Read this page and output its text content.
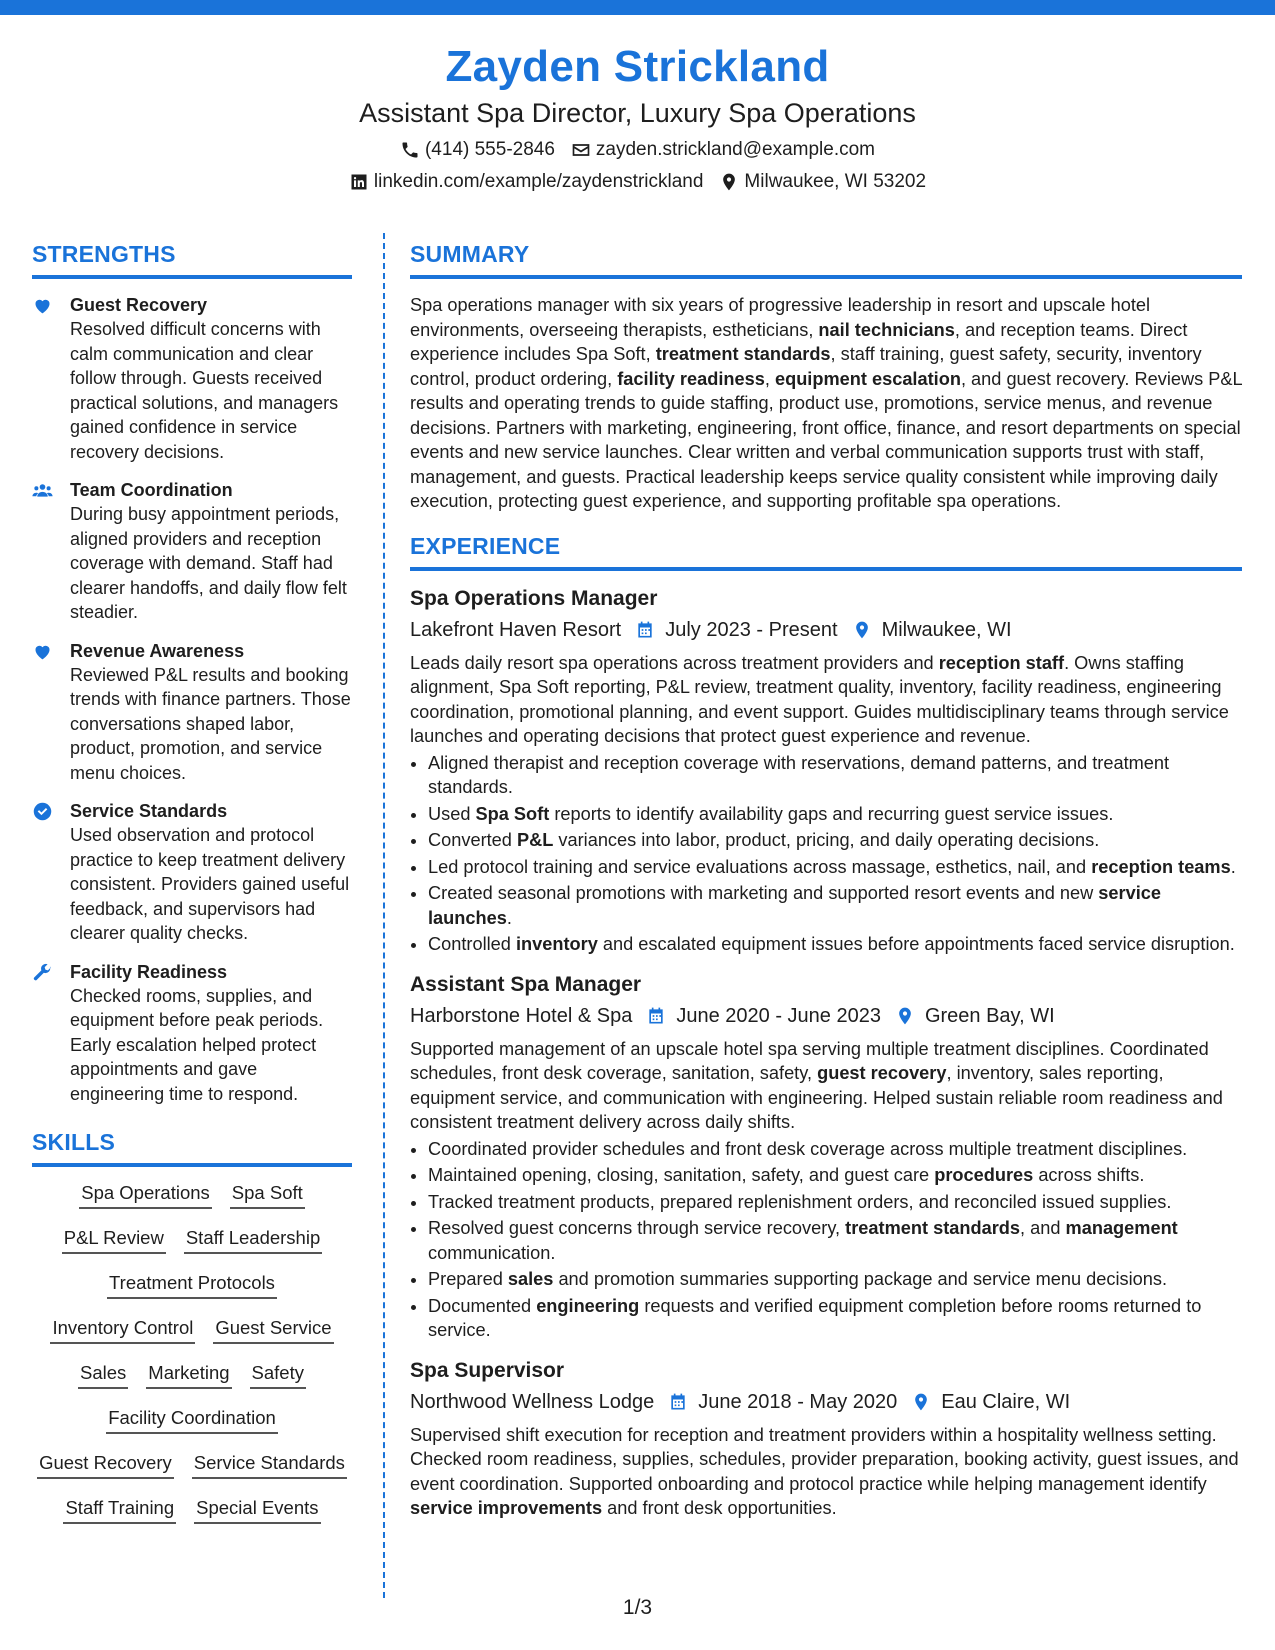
Zayden Strickland
Assistant Spa Director, Luxury Spa Operations
(414) 555-2846 zayden.strickland@example.com
linkedin.com/example/zaydenstrickland Milwaukee, WI 53202
STRENGTHS
Guest Recovery
Resolved difficult concerns with calm communication and clear follow through. Guests received practical solutions, and managers gained confidence in service recovery decisions.
Team Coordination
During busy appointment periods, aligned providers and reception coverage with demand. Staff had clearer handoffs, and daily flow felt steadier.
Revenue Awareness
Reviewed P&L results and booking trends with finance partners. Those conversations shaped labor, product, promotion, and service menu choices.
Service Standards
Used observation and protocol practice to keep treatment delivery consistent. Providers gained useful feedback, and supervisors had clearer quality checks.
Facility Readiness
Checked rooms, supplies, and equipment before peak periods. Early escalation helped protect appointments and gave engineering time to respond.
SKILLS
Spa Operations Spa Soft
P&L Review Staff Leadership
Treatment Protocols
Inventory Control Guest Service
Sales Marketing Safety
Facility Coordination
Guest Recovery Service Standards
Staff Training Special Events
SUMMARY
Spa operations manager with six years of progressive leadership in resort and upscale hotel environments, overseeing therapists, estheticians, nail technicians, and reception teams. Direct experience includes Spa Soft, treatment standards, staff training, guest safety, security, inventory control, product ordering, facility readiness, equipment escalation, and guest recovery. Reviews P&L results and operating trends to guide staffing, product use, promotions, service menus, and revenue decisions. Partners with marketing, engineering, front office, finance, and resort departments on special events and new service launches. Clear written and verbal communication supports trust with staff, management, and guests. Practical leadership keeps service quality consistent while improving daily execution, protecting guest experience, and supporting profitable spa operations.
EXPERIENCE
Spa Operations Manager
Lakefront Haven Resort July 2023 - Present Milwaukee, WI
Leads daily resort spa operations across treatment providers and reception staff. Owns staffing alignment, Spa Soft reporting, P&L review, treatment quality, inventory, facility readiness, engineering coordination, promotional planning, and event support. Guides multidisciplinary teams through service launches and operating decisions that protect guest experience and revenue.
• Aligned therapist and reception coverage with reservations, demand patterns, and treatment standards.
• Used Spa Soft reports to identify availability gaps and recurring guest service issues.
• Converted P&L variances into labor, product, pricing, and daily operating decisions.
• Led protocol training and service evaluations across massage, esthetics, nail, and reception teams.
• Created seasonal promotions with marketing and supported resort events and new service launches.
• Controlled inventory and escalated equipment issues before appointments faced service disruption.
Assistant Spa Manager
Harborstone Hotel & Spa June 2020 - June 2023 Green Bay, WI
Supported management of an upscale hotel spa serving multiple treatment disciplines. Coordinated schedules, front desk coverage, sanitation, safety, guest recovery, inventory, sales reporting, equipment service, and communication with engineering. Helped sustain reliable room readiness and consistent treatment delivery across daily shifts.
• Coordinated provider schedules and front desk coverage across multiple treatment disciplines.
• Maintained opening, closing, sanitation, safety, and guest care procedures across shifts.
• Tracked treatment products, prepared replenishment orders, and reconciled issued supplies.
• Resolved guest concerns through service recovery, treatment standards, and management communication.
• Prepared sales and promotion summaries supporting package and service menu decisions.
• Documented engineering requests and verified equipment completion before rooms returned to service.
Spa Supervisor
Northwood Wellness Lodge June 2018 - May 2020 Eau Claire, WI
Supervised shift execution for reception and treatment providers within a hospitality wellness setting. Checked room readiness, supplies, schedules, provider preparation, booking activity, guest issues, and event coordination. Supported onboarding and protocol practice while helping management identify service improvements and front desk opportunities.
1/3
